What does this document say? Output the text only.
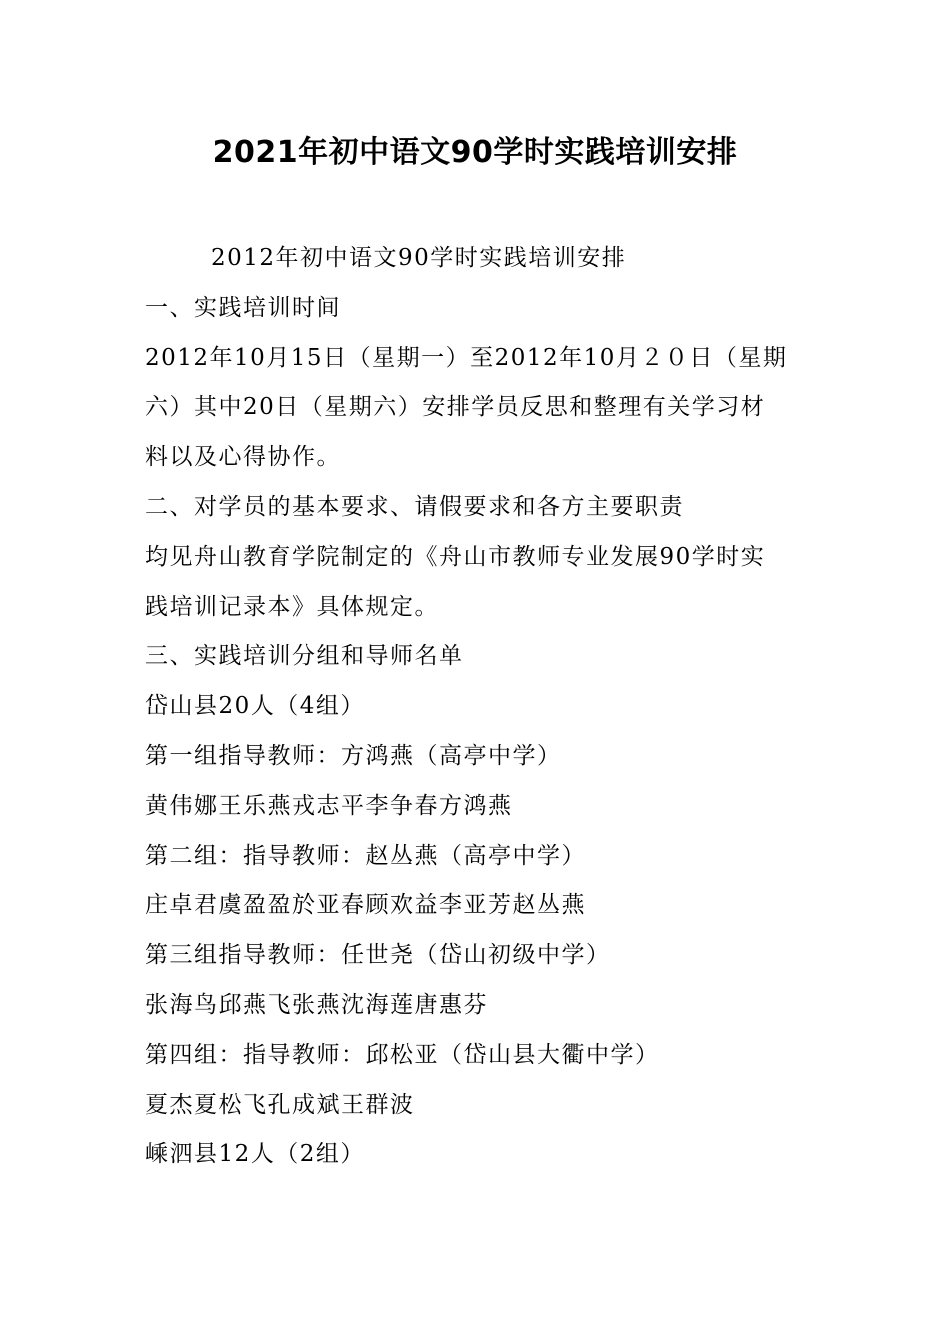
2021年初中语文90学时实践培训安排

2012年初中语文90学时实践培训安排

一、实践培训时间

2012年10月15日（星期一）至2012年10月２０日（星期

六）其中20日（星期六）安排学员反思和整理有关学习材

料以及心得协作。

二、对学员的基本要求、请假要求和各方主要职责

均见舟山教育学院制定的《舟山市教师专业发展90学时实

践培训记录本》具体规定。

三、实践培训分组和导师名单

岱山县20人（4组）

第一组指导教师：方鸿燕（高亭中学）

黄伟娜王乐燕戎志平李争春方鸿燕

第二组：指导教师：赵丛燕（高亭中学）

庄卓君虞盈盈於亚春顾欢益李亚芳赵丛燕

第三组指导教师：任世尧（岱山初级中学）

张海鸟邱燕飞张燕沈海莲唐惠芬

第四组：指导教师：邱松亚（岱山县大衢中学）

夏杰夏松飞孔成斌王群波

嵊泗县12人（2组）
